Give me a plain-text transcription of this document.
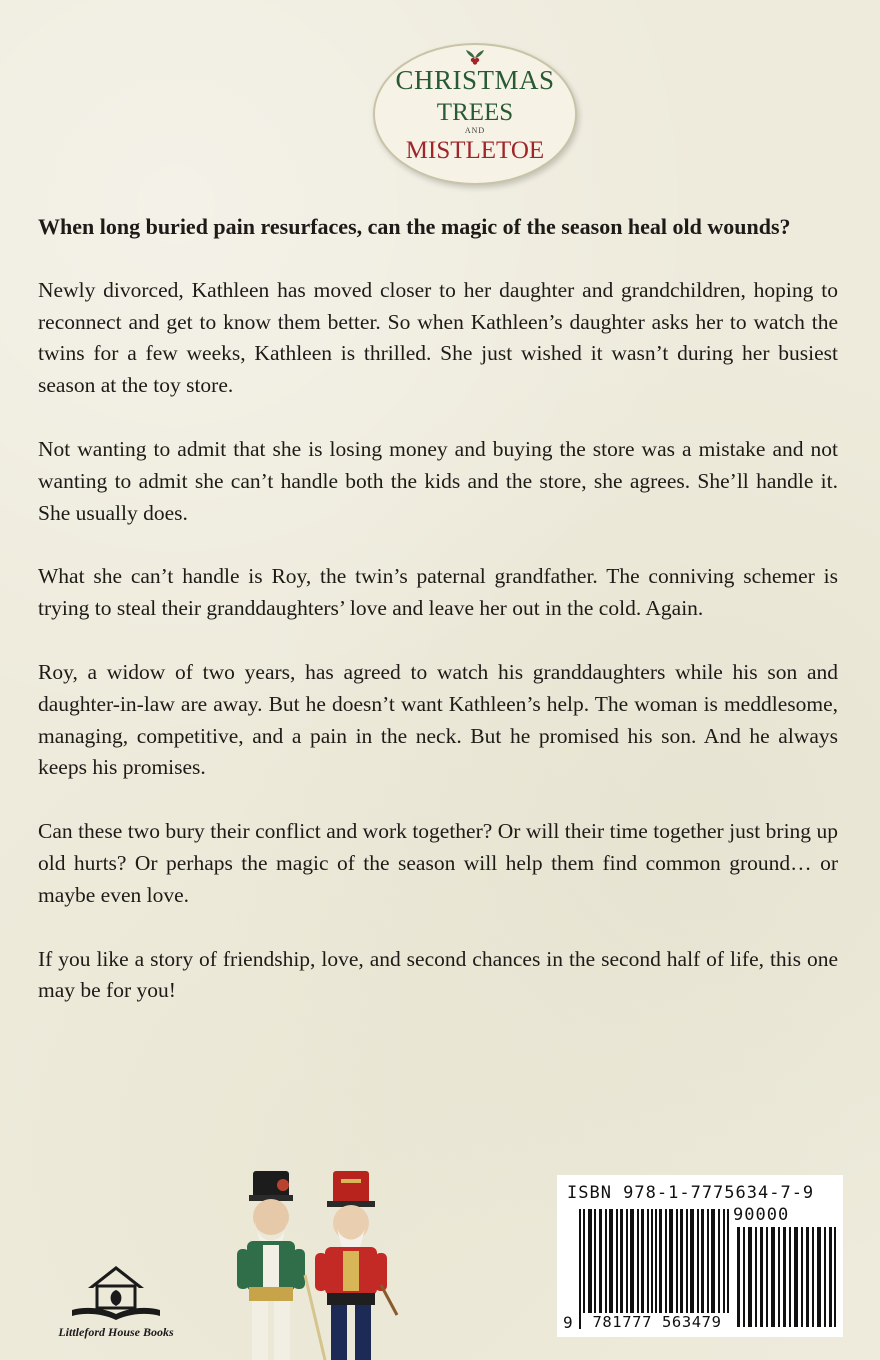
CHRISTMAS
TREES
AND
MISTLETOE

When long buried pain resurfaces, can the magic of the season heal old wounds?

Newly divorced, Kathleen has moved closer to her daughter and grandchildren, hoping to reconnect and get to know them better. So when Kathleen’s daughter asks her to watch the twins for a few weeks, Kathleen is thrilled. She just wished it wasn’t during her busiest season at the toy store.

Not wanting to admit that she is losing money and buying the store was a mistake and not wanting to admit she can’t handle both the kids and the store, she agrees. She’ll handle it. She usually does.

What she can’t handle is Roy, the twin’s paternal grandfather. The conniving schemer is trying to steal their granddaughters’ love and leave her out in the cold. Again.

Roy, a widow of two years, has agreed to watch his granddaughters while his son and daughter-in-law are away. But he doesn’t want Kathleen’s help. The woman is meddlesome, managing, competitive, and a pain in the neck. But he promised his son. And he always keeps his promises.

Can these two bury their conflict and work together? Or will their time together just bring up old hurts? Or perhaps the magic of the season will help them find common ground… or maybe even love.

If you like a story of friendship, love, and second chances in the second half of life, this one may be for you!

Littleford House Books
ISBN 978-1-7775634-7-9
90000
9	781777 563479
